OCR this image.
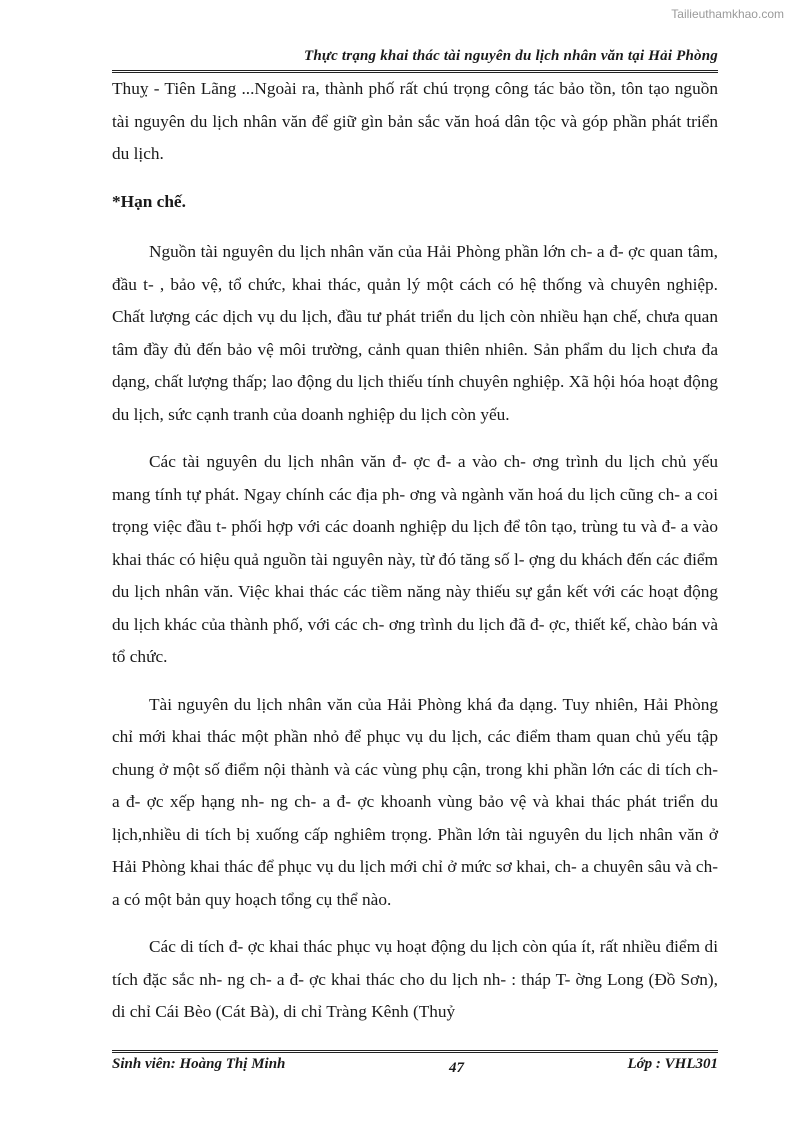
Tailieuthamkhao.com
Thực trạng khai thác tài nguyên du lịch nhân văn tại Hải Phòng

Thuỵ - Tiên Lãng ...Ngoài ra, thành phố rất chú trọng công tác bảo tồn, tôn tạo nguồn tài nguyên du lịch nhân văn để giữ gìn bản sắc văn hoá dân tộc và góp phần phát triển du lịch.

*Hạn chế.

Nguồn tài nguyên du lịch nhân văn của Hải Phòng phần lớn ch- a đ- ợc quan tâm, đầu t- , bảo vệ, tổ chức, khai thác, quản lý một cách có hệ thống và chuyên nghiệp. Chất lượng các dịch vụ du lịch, đầu tư phát triển du lịch còn nhiều hạn chế, chưa quan tâm đầy đủ đến bảo vệ môi trường, cảnh quan thiên nhiên. Sản phẩm du lịch chưa đa dạng, chất lượng thấp; lao động du lịch thiếu tính chuyên nghiệp. Xã hội hóa hoạt động du lịch, sức cạnh tranh của doanh nghiệp du lịch còn yếu.

Các tài nguyên du lịch nhân văn đ- ợc đ- a vào ch- ơng trình du lịch chủ yếu mang tính tự phát. Ngay chính các địa ph- ơng và ngành văn hoá du lịch cũng ch- a coi trọng việc đầu t- phối hợp với các doanh nghiệp du lịch để tôn tạo, trùng tu và đ- a vào khai thác có hiệu quả nguồn tài nguyên này, từ đó tăng số l- ợng du khách đến các điểm du lịch nhân văn. Việc khai thác các tiềm năng này thiếu sự gắn kết với các hoạt động du lịch khác của thành phố, với các ch- ơng trình du lịch đã đ- ợc, thiết kế, chào bán và tổ chức.

Tài nguyên du lịch nhân văn của Hải Phòng khá đa dạng. Tuy nhiên, Hải Phòng chỉ mới khai thác một phần nhỏ để phục vụ du lịch, các điểm tham quan chủ yếu tập chung ở một số điểm nội thành và các vùng phụ cận, trong khi phần lớn các di tích ch- a đ- ợc xếp hạng nh- ng ch- a đ- ợc khoanh vùng bảo vệ và khai thác phát triển du lịch,nhiều di tích bị xuống cấp nghiêm trọng. Phần lớn tài nguyên du lịch nhân văn ở Hải Phòng khai thác để phục vụ du lịch mới chỉ ở mức sơ khai, ch- a chuyên sâu và ch- a có một bản quy hoạch tổng cụ thể nào.

Các di tích đ- ợc khai thác phục vụ hoạt động du lịch còn qúa ít, rất nhiều điểm di tích đặc sắc nh- ng ch- a đ- ợc khai thác cho du lịch nh- : tháp T- ờng Long (Đồ Sơn), di chỉ Cái Bèo (Cát Bà), di chỉ Tràng Kênh (Thuỷ

Sinh viên: Hoàng Thị Minh	47	Lớp : VHL301
